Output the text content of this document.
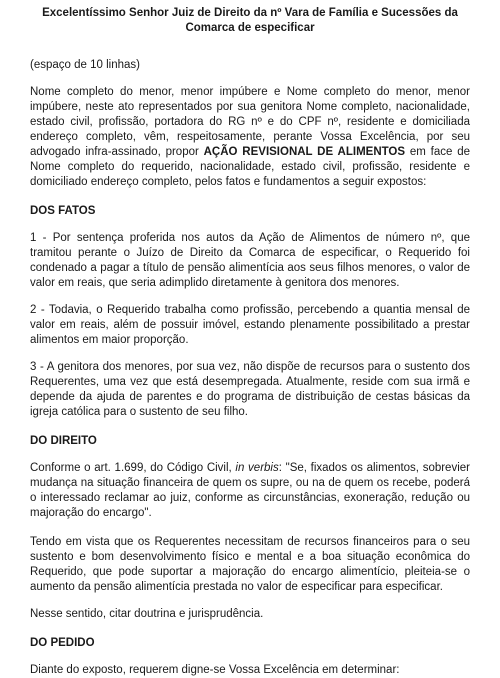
Excelentíssimo Senhor Juiz de Direito da nº Vara de Família e Sucessões da Comarca de especificar

(espaço de 10 linhas)

Nome completo do menor, menor impúbere e Nome completo do menor, menor impúbere, neste ato representados por sua genitora Nome completo, nacionalidade, estado civil, profissão, portadora do RG nº e do CPF nº, residente e domiciliada endereço completo, vêm, respeitosamente, perante Vossa Excelência, por seu advogado infra-assinado, propor AÇÃO REVISIONAL DE ALIMENTOS em face de Nome completo do requerido, nacionalidade, estado civil, profissão, residente e domiciliado endereço completo, pelos fatos e fundamentos a seguir expostos:

DOS FATOS

1 - Por sentença proferida nos autos da Ação de Alimentos de número nº, que tramitou perante o Juízo de Direito da Comarca de especificar, o Requerido foi condenado a pagar a título de pensão alimentícia aos seus filhos menores, o valor de valor em reais, que seria adimplido diretamente à genitora dos menores.

2 - Todavia, o Requerido trabalha como profissão, percebendo a quantia mensal de valor em reais, além de possuir imóvel, estando plenamente possibilitado a prestar alimentos em maior proporção.

3 - A genitora dos menores, por sua vez, não dispõe de recursos para o sustento dos Requerentes, uma vez que está desempregada. Atualmente, reside com sua irmã e depende da ajuda de parentes e do programa de distribuição de cestas básicas da igreja católica para o sustento de seu filho.

DO DIREITO

Conforme o art. 1.699, do Código Civil, in verbis: "Se, fixados os alimentos, sobrevier mudança na situação financeira de quem os supre, ou na de quem os recebe, poderá o interessado reclamar ao juiz, conforme as circunstâncias, exoneração, redução ou majoração do encargo".

Tendo em vista que os Requerentes necessitam de recursos financeiros para o seu sustento e bom desenvolvimento físico e mental e a boa situação econômica do Requerido, que pode suportar a majoração do encargo alimentício, pleiteia-se o aumento da pensão alimentícia prestada no valor de especificar para especificar.

Nesse sentido, citar doutrina e jurisprudência.

DO PEDIDO

Diante do exposto, requerem digne-se Vossa Excelência em determinar:
